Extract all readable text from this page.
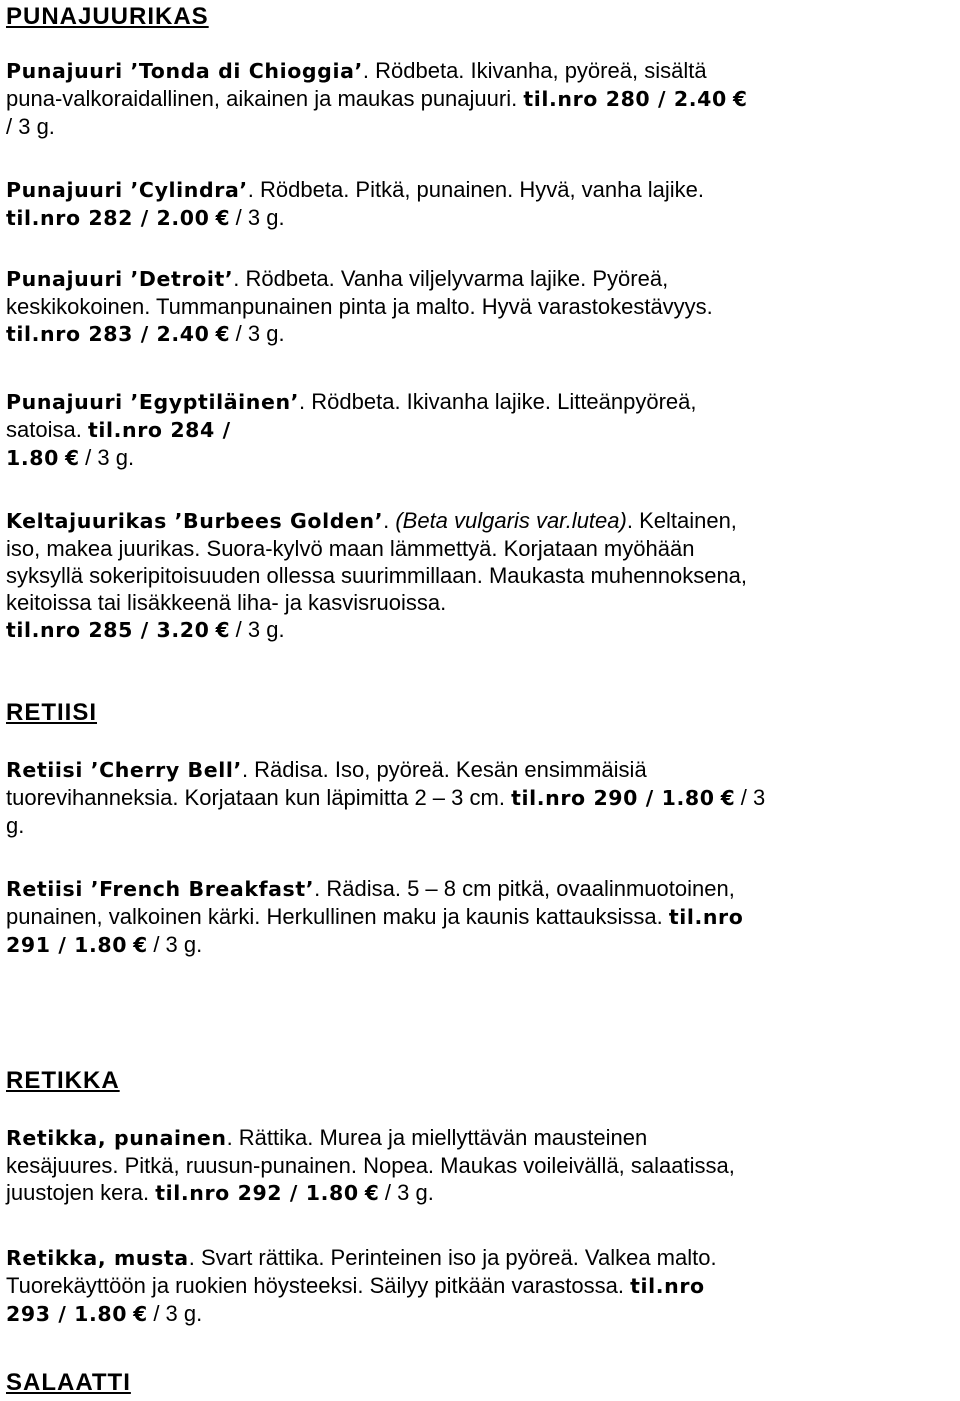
PUNAJUURIKAS

Punajuuri ’Tonda di Chioggia’. Rödbeta. Ikivanha, pyöreä, sisältä
puna-valkoraidallinen, aikainen ja maukas punajuuri. til.nro 280 / 2.40 €
/ 3 g.

Punajuuri ’Cylindra’. Rödbeta. Pitkä, punainen. Hyvä, vanha lajike.
til.nro 282 / 2.00 € / 3 g.

Punajuuri ’Detroit’. Rödbeta. Vanha viljelyvarma lajike. Pyöreä,
keskikokoinen. Tummanpunainen pinta ja malto. Hyvä varastokestävyys.
til.nro 283 / 2.40 € / 3 g.

Punajuuri ’Egyptiläinen’. Rödbeta. Ikivanha lajike. Litteänpyöreä,
satoisa. til.nro 284 /
1.80 € / 3 g.

Keltajuurikas ’Burbees Golden’. (Beta vulgaris var.lutea). Keltainen,
iso, makea juurikas. Suora-kylvö maan lämmettyä. Korjataan myöhään
syksyllä sokeripitoisuuden ollessa suurimmillaan. Maukasta muhennoksena,
keitoissa tai lisäkkeenä liha- ja kasvisruoissa.
til.nro 285 / 3.20 € / 3 g.

RETIISI

Retiisi ’Cherry Bell’. Rädisa. Iso, pyöreä. Kesän ensimmäisiä
tuorevihanneksia. Korjataan kun läpimitta 2 – 3 cm. til.nro 290 / 1.80 € / 3
g.

Retiisi ’French Breakfast’. Rädisa. 5 – 8 cm pitkä, ovaalinmuotoinen,
punainen, valkoinen kärki. Herkullinen maku ja kaunis kattauksissa. til.nro
291 / 1.80 € / 3 g.

RETIKKA

Retikka, punainen. Rättika. Murea ja miellyttävän mausteinen
kesäjuures. Pitkä, ruusun-punainen. Nopea. Maukas voileivällä, salaatissa,
juustojen kera. til.nro 292 / 1.80 € / 3 g.

Retikka, musta. Svart rättika. Perinteinen iso ja pyöreä. Valkea malto.
Tuorekäyttöön ja ruokien höysteeksi. Säilyy pitkään varastossa. til.nro
293 / 1.80 € / 3 g.

SALAATTI
